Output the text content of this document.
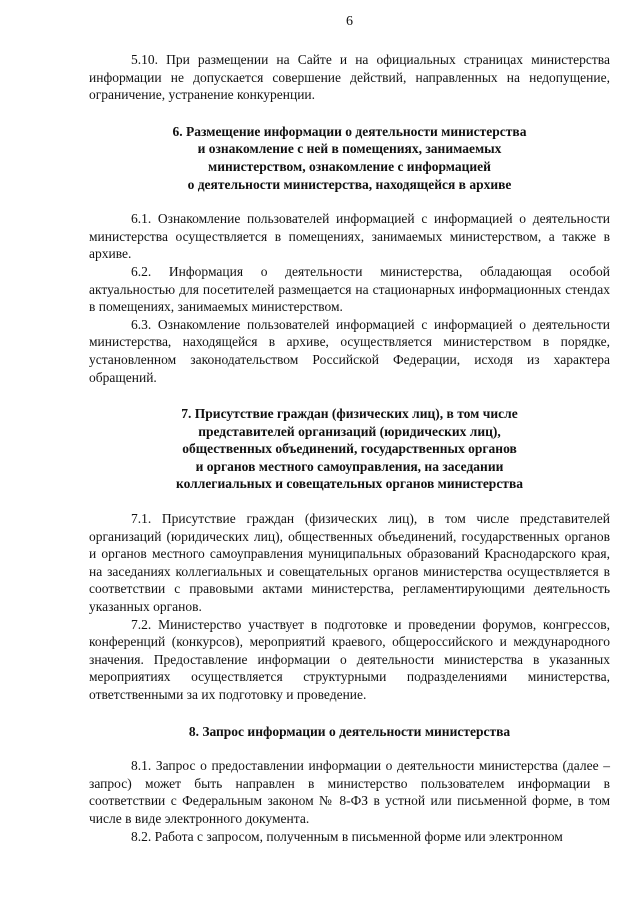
6

5.10. При размещении на Сайте и на официальных страницах министерства информации не допускается совершение действий, направленных на недопущение, ограничение, устранение конкуренции.

6. Размещение информации о деятельности министерства
и ознакомление с ней в помещениях, занимаемых
министерством, ознакомление с информацией
о деятельности министерства, находящейся в архиве

6.1. Ознакомление пользователей информацией с информацией о деятельности министерства осуществляется в помещениях, занимаемых министерством, а также в архиве.

6.2. Информация о деятельности министерства, обладающая особой актуальностью для посетителей размещается на стационарных информационных стендах в помещениях, занимаемых министерством.

6.3. Ознакомление пользователей информацией с информацией о деятельности министерства, находящейся в архиве, осуществляется министерством в порядке, установленном законодательством Российской Федерации, исходя из характера обращений.

7. Присутствие граждан (физических лиц), в том числе
представителей организаций (юридических лиц),
общественных объединений, государственных органов
и органов местного самоуправления, на заседании
коллегиальных и совещательных органов министерства

7.1. Присутствие граждан (физических лиц), в том числе представителей организаций (юридических лиц), общественных объединений, государственных органов и органов местного самоуправления муниципальных образований Краснодарского края, на заседаниях коллегиальных и совещательных органов министерства осуществляется в соответствии с правовыми актами министерства, регламентирующими деятельность указанных органов.

7.2. Министерство участвует в подготовке и проведении форумов, конгрессов, конференций (конкурсов), мероприятий краевого, общероссийского и международного значения. Предоставление информации о деятельности министерства в указанных мероприятиях осуществляется структурными подразделениями министерства, ответственными за их подготовку и проведение.

8. Запрос информации о деятельности министерства

8.1. Запрос о предоставлении информации о деятельности министерства (далее – запрос) может быть направлен в министерство пользователем информации в соответствии с Федеральным законом № 8-ФЗ в устной или письменной форме, в том числе в виде электронного документа.

8.2. Работа с запросом, полученным в письменной форме или электронном
